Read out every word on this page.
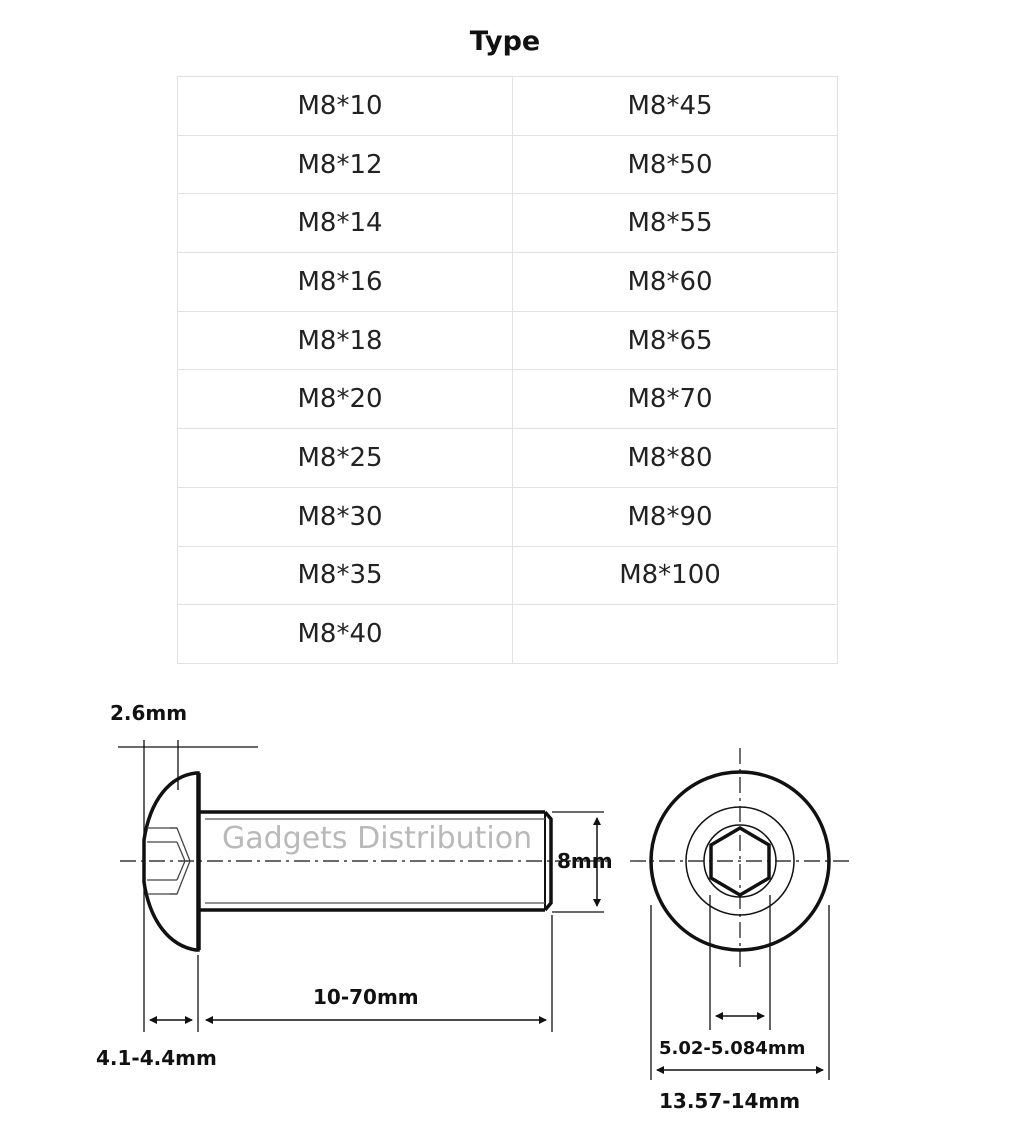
Type
M8*10	M8*45
M8*12	M8*50
M8*14	M8*55
M8*16	M8*60
M8*18	M8*65
M8*20	M8*70
M8*25	M8*80
M8*30	M8*90
M8*35	M8*100
M8*40	
Gadgets Distribution
2.6mm
8mm
10-70mm
4.1-4.4mm	5.02-5.084mm
13.57-14mm
